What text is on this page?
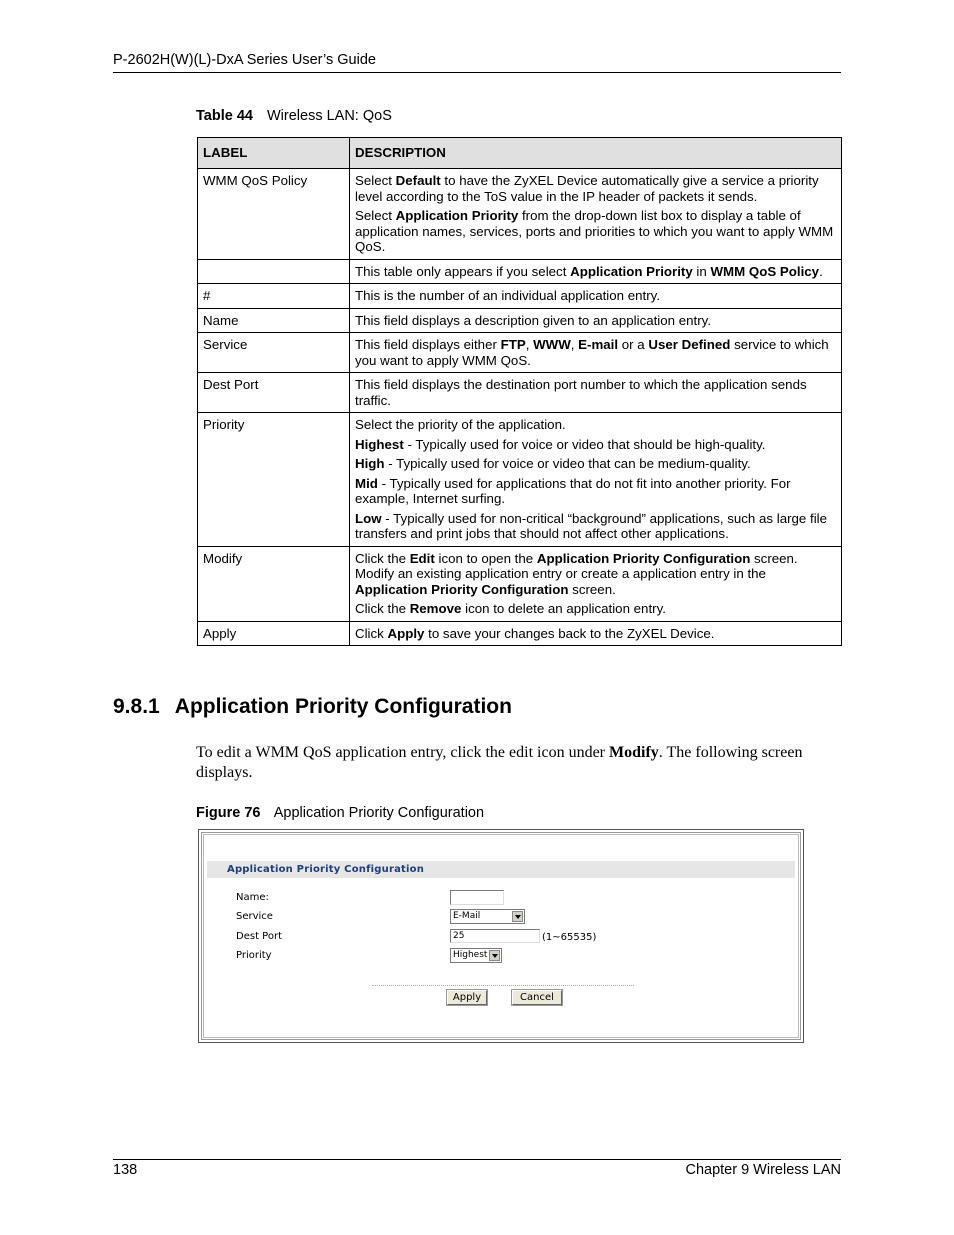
P-2602H(W)(L)-DxA Series User’s Guide
Table 44 Wireless LAN: QoS
LABEL	DESCRIPTION
WMM QoS Policy	Select Default to have the ZyXEL Device automatically give a service a priority level according to the ToS value in the IP header of packets it sends.

Select Application Priority from the drop-down list box to display a table of application names, services, ports and priorities to which you want to apply WMM QoS.

	This table only appears if you select Application Priority in WMM QoS Policy.
#	This is the number of an individual application entry.
Name	This field displays a description given to an application entry.
Service	This field displays either FTP, WWW, E-mail or a User Defined service to which you want to apply WMM QoS.
Dest Port	This field displays the destination port number to which the application sends traffic.
Priority	Select the priority of the application.

Highest - Typically used for voice or video that should be high-quality.

High - Typically used for voice or video that can be medium-quality.

Mid - Typically used for applications that do not fit into another priority. For example, Internet surfing.

Low - Typically used for non-critical “background” applications, such as large file transfers and print jobs that should not affect other applications.

Modify	Click the Edit icon to open the Application Priority Configuration screen. Modify an existing application entry or create a application entry in the Application Priority Configuration screen.

Click the Remove icon to delete an application entry.

Apply	Click Apply to save your changes back to the ZyXEL Device.
9.8.1 Application Priority Configuration
To edit a WMM QoS application entry, click the edit icon under Modify. The following screen displays.
Figure 76 Application Priority Configuration
Application Priority Configuration
Name:
Service	E-Mail
Dest Port	25	(1~65535)
Priority	Highest
Apply	Cancel
138	Chapter 9 Wireless LAN
